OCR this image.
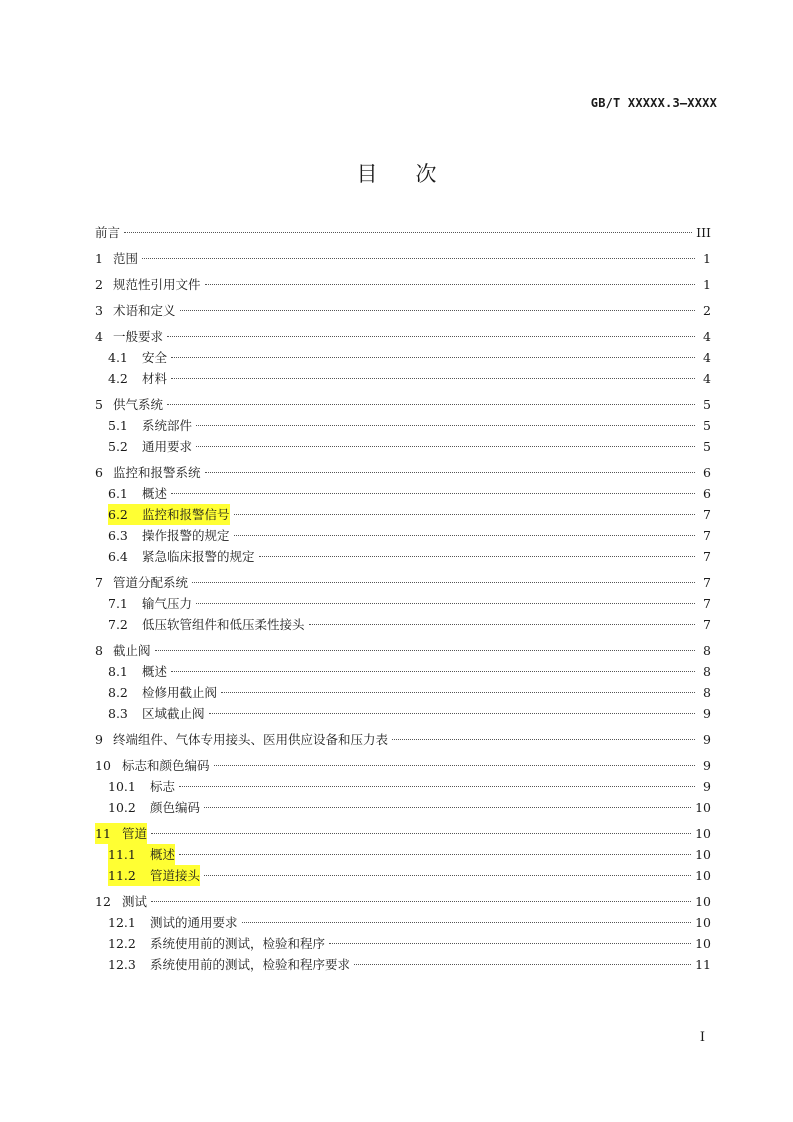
GB/T XXXXX.3—XXXX
目次
前言	III
1 范围	1
2 规范性引用文件	1
3 术语和定义	2
4 一般要求	4
4.1 安全	4
4.2 材料	4
5 供气系统	5
5.1 系统部件	5
5.2 通用要求	5
6 监控和报警系统	6
6.1 概述	6
6.2 监控和报警信号	7
6.3 操作报警的规定	7
6.4 紧急临床报警的规定	7
7 管道分配系统	7
7.1 输气压力	7
7.2 低压软管组件和低压柔性接头	7
8 截止阀	8
8.1 概述	8
8.2 检修用截止阀	8
8.3 区域截止阀	9
9 终端组件、气体专用接头、医用供应设备和压力表	9
10 标志和颜色编码	9
10.1 标志	9
10.2 颜色编码	10
11 管道	10
11.1 概述	10
11.2 管道接头	10
12 测试	10
12.1 测试的通用要求	10
12.2 系统使用前的测试，检验和程序	10
12.3 系统使用前的测试，检验和程序要求	11
I
